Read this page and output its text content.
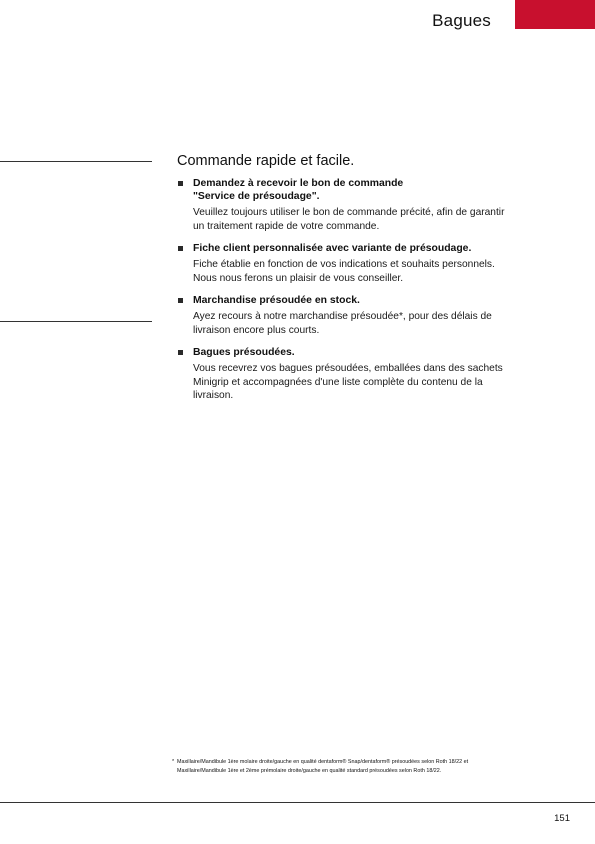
Bagues
Commande rapide et facile.
Demandez à recevoir le bon de commande
"Service de présoudage".
Veuillez toujours utiliser le bon de commande précité, afin de garantir un traitement rapide de votre commande.
Fiche client personnalisée avec variante de présoudage.
Fiche établie en fonction de vos indications et souhaits personnels. Nous nous ferons un plaisir de vous conseiller.
Marchandise présoudée en stock.
Ayez recours à notre marchandise présoudée*, pour des délais de livraison encore plus courts.
Bagues présoudées.
Vous recevrez vos bagues présoudées, emballées dans des sachets Minigrip et accompagnées d'une liste complète du contenu de la livraison.
* Maxillaire/Mandibule 1ère molaire droite/gauche en qualité dentaform® Snap/dentaform® présoudées selon Roth 18/22 et Maxillaire/Mandibule 1ère et 2ème prémolaire droite/gauche en qualité standard présoudées selon Roth 18/22.
151
